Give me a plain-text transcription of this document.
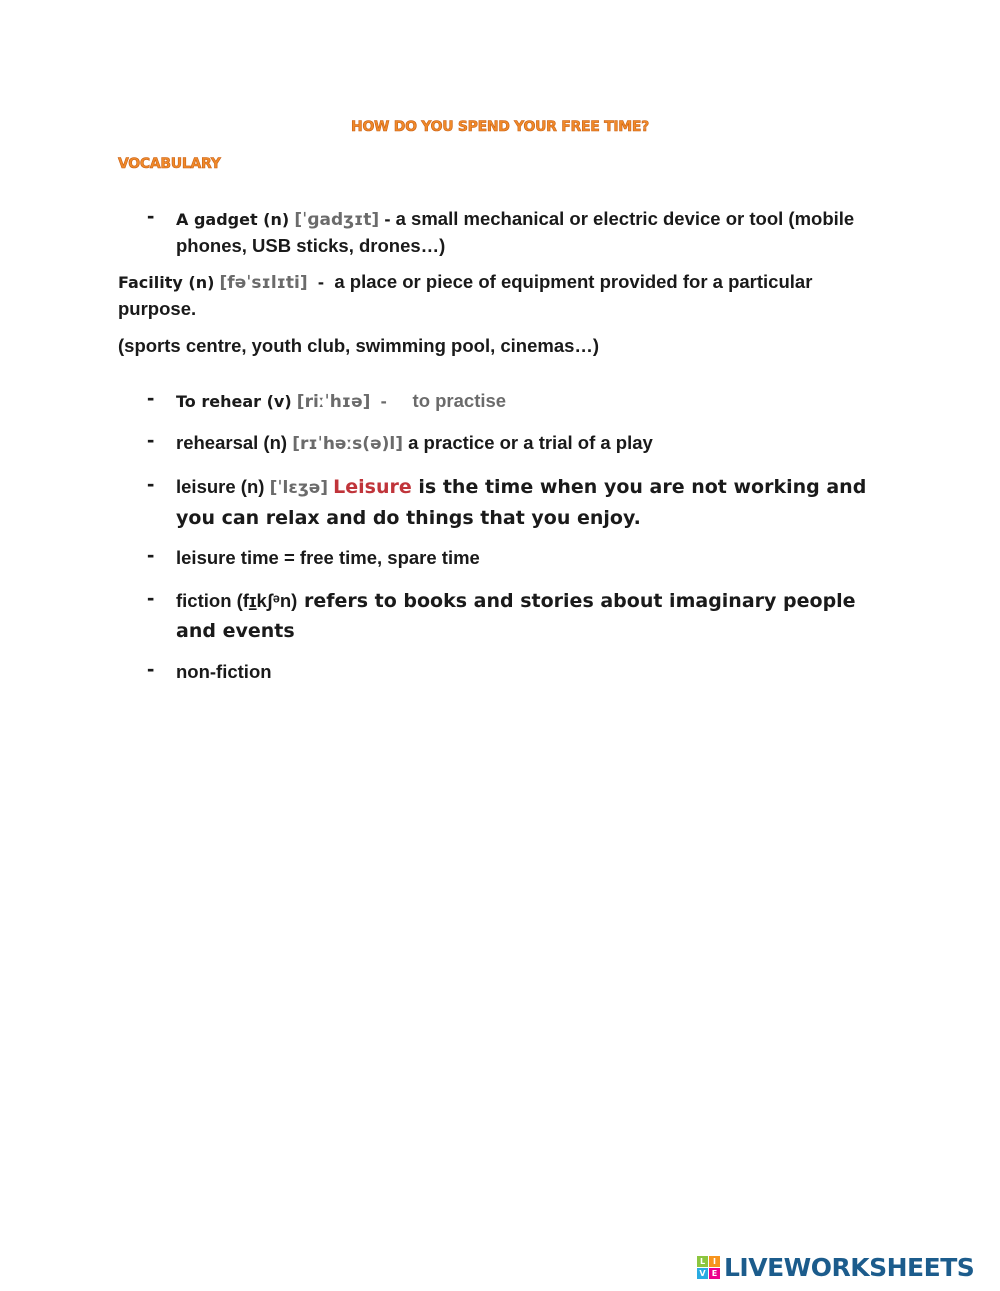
HOW DO YOU SPEND YOUR FREE TIME?
VOCABULARY
- A gadget (n) [ˈɡadʒɪt] - a small mechanical or electric device or tool (mobile phones, USB sticks, drones…)
Facility (n) [fəˈsɪlɪti]  -  a place or piece of equipment provided for a particular purpose.
(sports centre, youth club, swimming pool, cinemas…)
- To rehear (v) [riːˈhɪə]  -     to practise
- rehearsal (n) [rɪˈhəːs(ə)l] a practice or a trial of a play
- leisure (n) [ˈlɛʒə] Leisure is the time when you are not working and you can relax and do things that you enjoy.
- leisure time = free time, spare time
- fiction (fɪ̠kʃᵊn) refers to books and stories about imaginary people and events
- non-fiction
L I
V E LIVEWORKSHEETS
